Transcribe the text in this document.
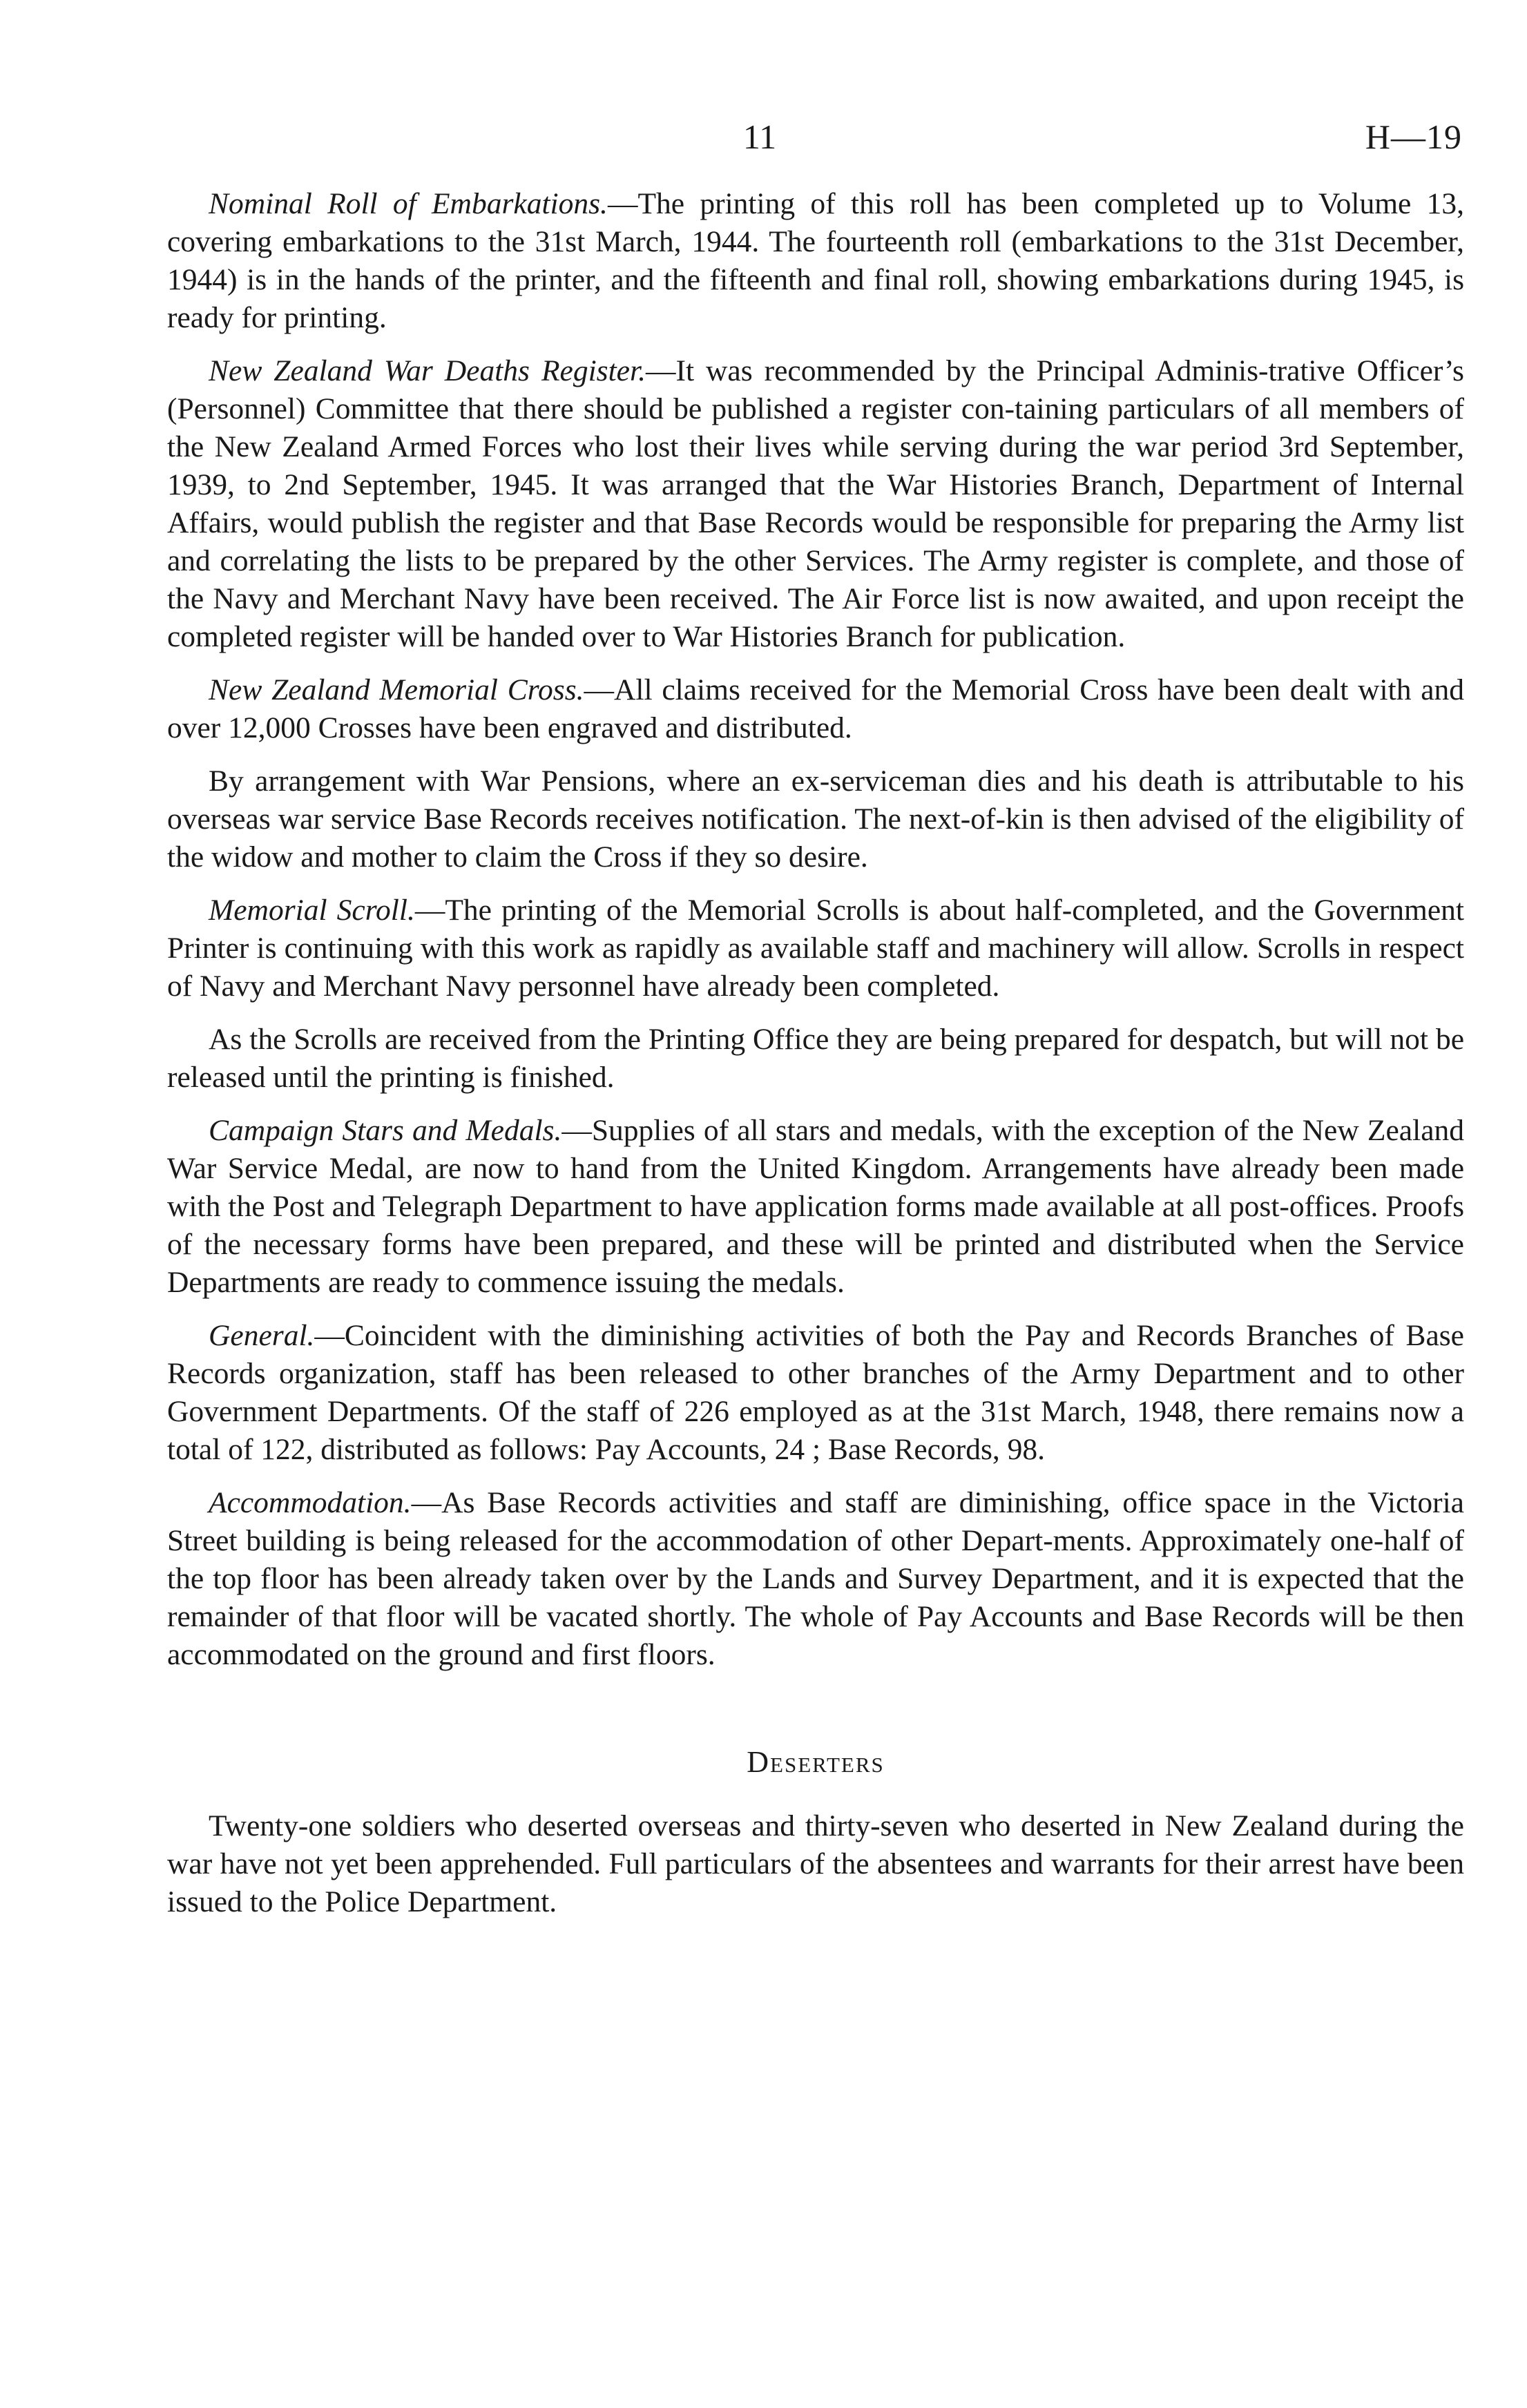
11	H—19

Nominal Roll of Embarkations.—The printing of this roll has been completed up to Volume 13, covering embarkations to the 31st March, 1944. The fourteenth roll (embarkations to the 31st December, 1944) is in the hands of the printer, and the fifteenth and final roll, showing embarkations during 1945, is ready for printing.

New Zealand War Deaths Register.—It was recommended by the Principal Adminis-trative Officer’s (Personnel) Committee that there should be published a register con-taining particulars of all members of the New Zealand Armed Forces who lost their lives while serving during the war period 3rd September, 1939, to 2nd September, 1945. It was arranged that the War Histories Branch, Department of Internal Affairs, would publish the register and that Base Records would be responsible for preparing the Army list and correlating the lists to be prepared by the other Services. The Army register is complete, and those of the Navy and Merchant Navy have been received. The Air Force list is now awaited, and upon receipt the completed register will be handed over to War Histories Branch for publication.

New Zealand Memorial Cross.—All claims received for the Memorial Cross have been dealt with and over 12,000 Crosses have been engraved and distributed.

By arrangement with War Pensions, where an ex-serviceman dies and his death is attributable to his overseas war service Base Records receives notification. The next-of-kin is then advised of the eligibility of the widow and mother to claim the Cross if they so desire.

Memorial Scroll.—The printing of the Memorial Scrolls is about half-completed, and the Government Printer is continuing with this work as rapidly as available staff and machinery will allow. Scrolls in respect of Navy and Merchant Navy personnel have already been completed.

As the Scrolls are received from the Printing Office they are being prepared for despatch, but will not be released until the printing is finished.

Campaign Stars and Medals.—Supplies of all stars and medals, with the exception of the New Zealand War Service Medal, are now to hand from the United Kingdom. Arrangements have already been made with the Post and Telegraph Department to have application forms made available at all post-offices. Proofs of the necessary forms have been prepared, and these will be printed and distributed when the Service Departments are ready to commence issuing the medals.

General.—Coincident with the diminishing activities of both the Pay and Records Branches of Base Records organization, staff has been released to other branches of the Army Department and to other Government Departments. Of the staff of 226 employed as at the 31st March, 1948, there remains now a total of 122, distributed as follows: Pay Accounts, 24 ; Base Records, 98.

Accommodation.—As Base Records activities and staff are diminishing, office space in the Victoria Street building is being released for the accommodation of other Depart-ments. Approximately one-half of the top floor has been already taken over by the Lands and Survey Department, and it is expected that the remainder of that floor will be vacated shortly. The whole of Pay Accounts and Base Records will be then accommodated on the ground and first floors.

Deserters

Twenty-one soldiers who deserted overseas and thirty-seven who deserted in New Zealand during the war have not yet been apprehended. Full particulars of the absentees and warrants for their arrest have been issued to the Police Department.
